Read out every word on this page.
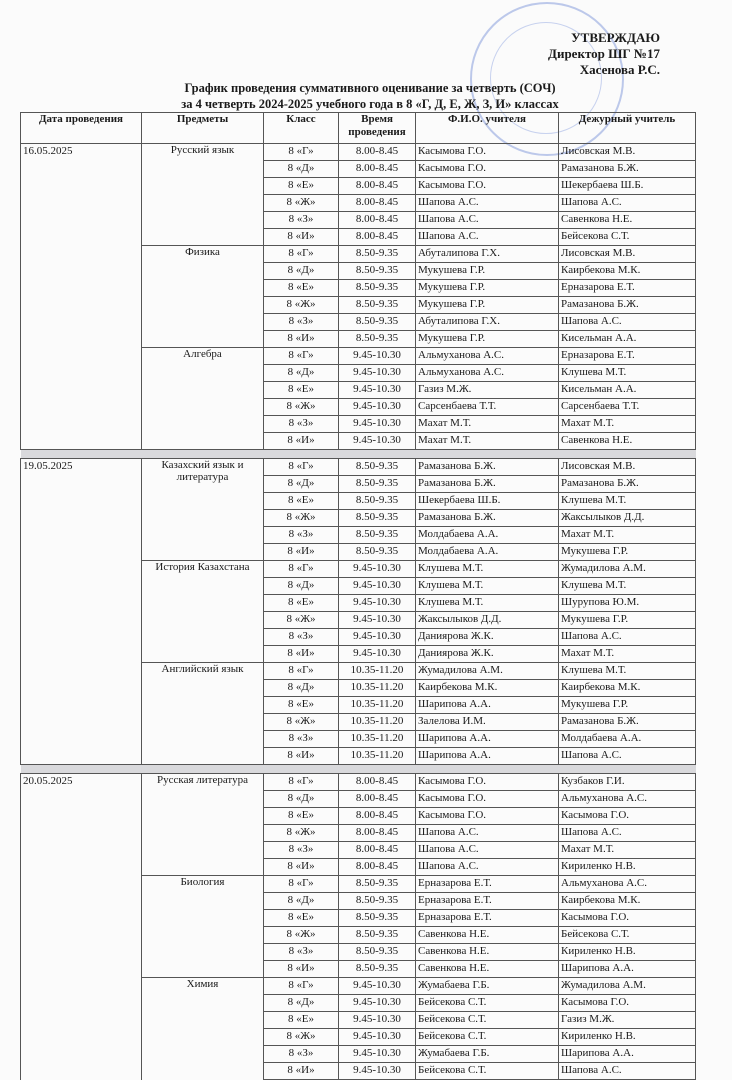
УТВЕРЖДАЮ
Директор ШГ №17
Хасенова Р.С.
График проведения суммативного оценивание за четверть (СОЧ)
за 4 четверть 2024-2025 учебного года в 8 «Г, Д, Е, Ж, З, И» классах
Дата проведения	Предметы	Класс	Время проведения	Ф.И.О. учителя	Дежурный учитель
16.05.2025	Русский язык	8 «Г»	8.00-8.45	Касымова Г.О.	Лисовская М.В.
		8 «Д»	8.00-8.45	Касымова Г.О.	Рамазанова Б.Ж.
		8 «Е»	8.00-8.45	Касымова Г.О.	Шекербаева Ш.Б.
		8 «Ж»	8.00-8.45	Шапова А.С.	Шапова А.С.
		8 «З»	8.00-8.45	Шапова А.С.	Савенкова Н.Е.
		8 «И»	8.00-8.45	Шапова А.С.	Бейсекова С.Т.
	Физика	8 «Г»	8.50-9.35	Абуталипова Г.Х.	Лисовская М.В.
		8 «Д»	8.50-9.35	Мукушева Г.Р.	Каирбекова М.К.
		8 «Е»	8.50-9.35	Мукушева Г.Р.	Ерназарова Е.Т.
		8 «Ж»	8.50-9.35	Мукушева Г.Р.	Рамазанова Б.Ж.
		8 «З»	8.50-9.35	Абуталипова Г.Х.	Шапова А.С.
		8 «И»	8.50-9.35	Мукушева Г.Р.	Кисельман А.А.
	Алгебра	8 «Г»	9.45-10.30	Альмуханова А.С.	Ерназарова Е.Т.
		8 «Д»	9.45-10.30	Альмуханова А.С.	Клушева М.Т.
		8 «Е»	9.45-10.30	Газиз М.Ж.	Кисельман А.А.
		8 «Ж»	9.45-10.30	Сарсенбаева Т.Т.	Сарсенбаева Т.Т.
		8 «З»	9.45-10.30	Махат М.Т.	Махат М.Т.
		8 «И»	9.45-10.30	Махат М.Т.	Савенкова Н.Е.

19.05.2025	Казахский язык и литература	8 «Г»	8.50-9.35	Рамазанова Б.Ж.	Лисовская М.В.
		8 «Д»	8.50-9.35	Рамазанова Б.Ж.	Рамазанова Б.Ж.
		8 «Е»	8.50-9.35	Шекербаева Ш.Б.	Клушева М.Т.
		8 «Ж»	8.50-9.35	Рамазанова Б.Ж.	Жаксылыков Д.Д.
		8 «З»	8.50-9.35	Молдабаева А.А.	Махат М.Т.
		8 «И»	8.50-9.35	Молдабаева А.А.	Мукушева Г.Р.
	История Казахстана	8 «Г»	9.45-10.30	Клушева М.Т.	Жумадилова А.М.
		8 «Д»	9.45-10.30	Клушева М.Т.	Клушева М.Т.
		8 «Е»	9.45-10.30	Клушева М.Т.	Шурупова Ю.М.
		8 «Ж»	9.45-10.30	Жаксылыков Д.Д.	Мукушева Г.Р.
		8 «З»	9.45-10.30	Даниярова Ж.К.	Шапова А.С.
		8 «И»	9.45-10.30	Даниярова Ж.К.	Махат М.Т.
	Английский язык	8 «Г»	10.35-11.20	Жумадилова А.М.	Клушева М.Т.
		8 «Д»	10.35-11.20	Каирбекова М.К.	Каирбекова М.К.
		8 «Е»	10.35-11.20	Шарипова А.А.	Мукушева Г.Р.
		8 «Ж»	10.35-11.20	Залелова И.М.	Рамазанова Б.Ж.
		8 «З»	10.35-11.20	Шарипова А.А.	Молдабаева А.А.
		8 «И»	10.35-11.20	Шарипова А.А.	Шапова А.С.

20.05.2025	Русская литература	8 «Г»	8.00-8.45	Касымова Г.О.	Кузбаков Г.И.
		8 «Д»	8.00-8.45	Касымова Г.О.	Альмуханова А.С.
		8 «Е»	8.00-8.45	Касымова Г.О.	Касымова Г.О.
		8 «Ж»	8.00-8.45	Шапова А.С.	Шапова А.С.
		8 «З»	8.00-8.45	Шапова А.С.	Махат М.Т.
		8 «И»	8.00-8.45	Шапова А.С.	Кириленко Н.В.
	Биология	8 «Г»	8.50-9.35	Ерназарова Е.Т.	Альмуханова А.С.
		8 «Д»	8.50-9.35	Ерназарова Е.Т.	Каирбекова М.К.
		8 «Е»	8.50-9.35	Ерназарова Е.Т.	Касымова Г.О.
		8 «Ж»	8.50-9.35	Савенкова Н.Е.	Бейсекова С.Т.
		8 «З»	8.50-9.35	Савенкова Н.Е.	Кириленко Н.В.
		8 «И»	8.50-9.35	Савенкова Н.Е.	Шарипова А.А.
	Химия	8 «Г»	9.45-10.30	Жумабаева Г.Б.	Жумадилова А.М.
		8 «Д»	9.45-10.30	Бейсекова С.Т.	Касымова Г.О.
		8 «Е»	9.45-10.30	Бейсекова С.Т.	Газиз М.Ж.
		8 «Ж»	9.45-10.30	Бейсекова С.Т.	Кириленко Н.В.
		8 «З»	9.45-10.30	Жумабаева Г.Б.	Шарипова А.А.
		8 «И»	9.45-10.30	Бейсекова С.Т.	Шапова А.С.
